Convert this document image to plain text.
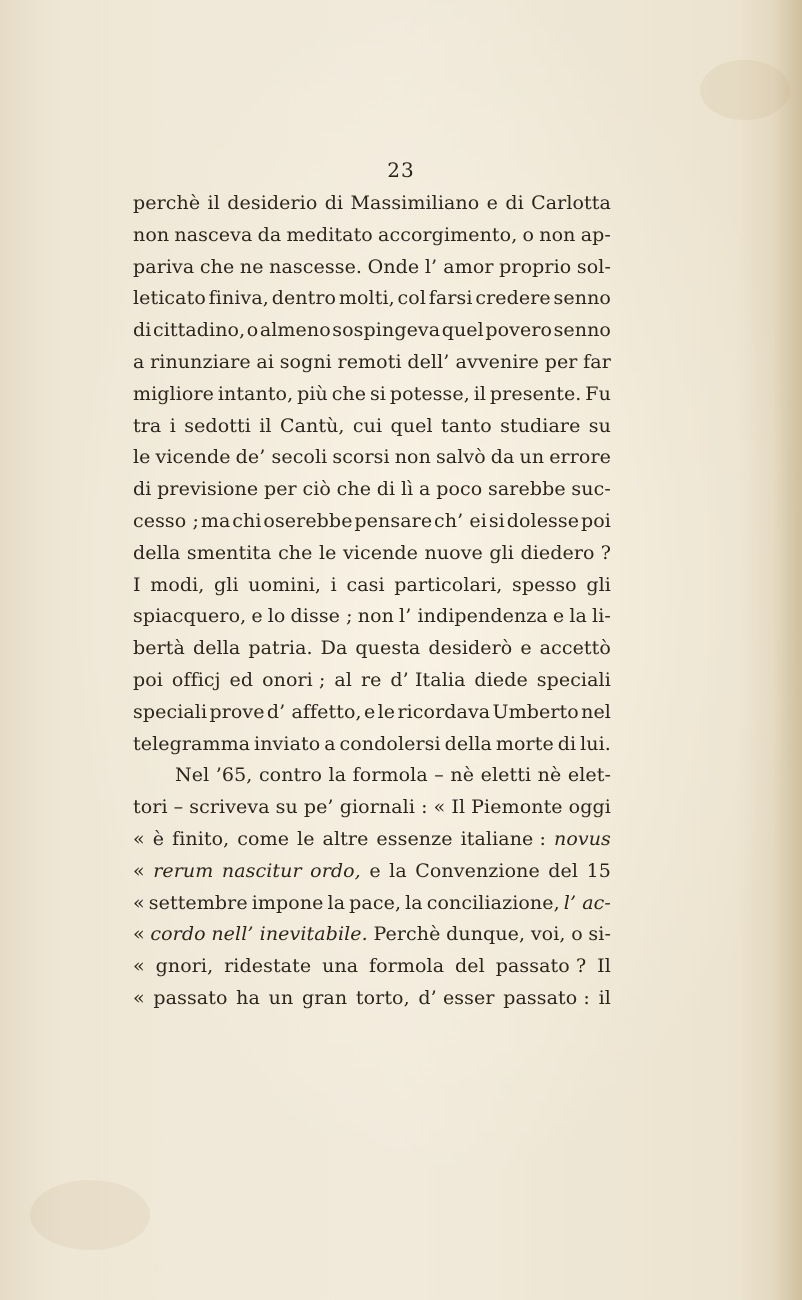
23
perchè il desiderio di Massimiliano e di Carlotta
non nasceva da meditato accorgimento, o non ap-
pariva che ne nascesse. Onde l’ amor proprio sol-
leticato finiva, dentro molti, col farsi credere senno
di cittadino, o almeno sospingeva quel povero senno
a rinunziare ai sogni remoti dell’ avvenire per far
migliore intanto, più che si potesse, il presente. Fu
tra i sedotti il Cantù, cui quel tanto studiare su
le vicende de’ secoli scorsi non salvò da un errore
di previsione per ciò che di lì a poco sarebbe suc-
cesso ; ma chi oserebbe pensare ch’ ei si dolesse poi
della smentita che le vicende nuove gli diedero ?
I modi, gli uomini, i casi particolari, spesso gli
spiacquero, e lo disse ; non l’ indipendenza e la li-
bertà della patria. Da questa desiderò e accettò
poi officj ed onori ; al re d’ Italia diede speciali
speciali prove d’ affetto, e le ricordava Umberto nel
telegramma inviato a condolersi della morte di lui.
Nel ’65, contro la formola – nè eletti nè elet-
tori – scriveva su pe’ giornali : « Il Piemonte oggi
« è finito, come le altre essenze italiane : novus
« rerum nascitur ordo, e la Convenzione del 15
« settembre impone la pace, la conciliazione, l’ ac-
« cordo nell’ inevitabile. Perchè dunque, voi, o si-
« gnori, ridestate una formola del passato ? Il
« passato ha un gran torto, d’ esser passato : il
